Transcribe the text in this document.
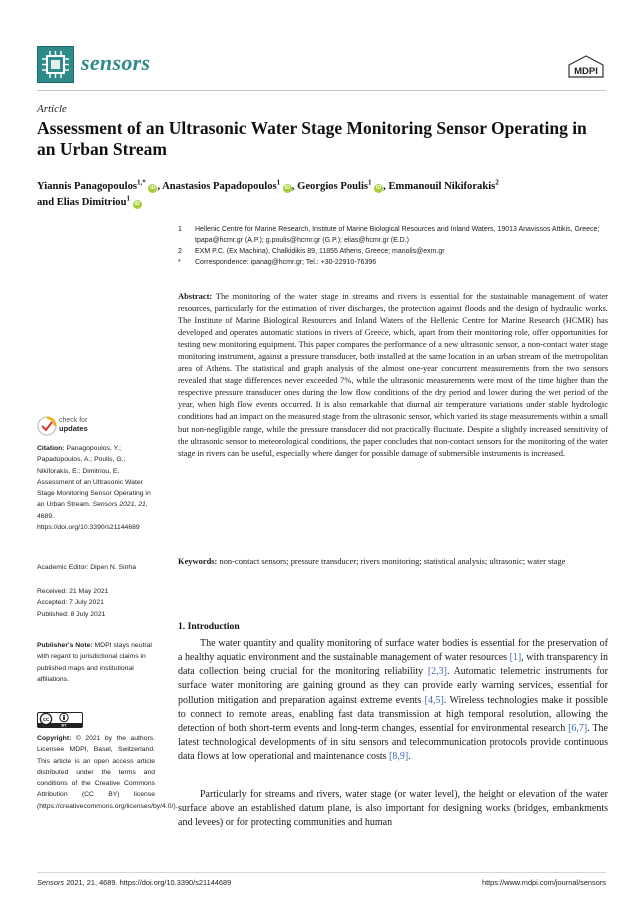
sensors	MDPI
Article
Assessment of an Ultrasonic Water Stage Monitoring Sensor Operating in an Urban Stream
Yiannis Panagopoulos$^{1,*}$ iD , Anastasios Papadopoulos$^1$ iD , Georgios Poulis$^1$ iD , Emmanouil Nikiforakis$^2$
and Elias Dimitriou$^1$ iD
1	Hellenic Centre for Marine Research, Institute of Marine Biological Resources and Inland Waters, 19013 Anavissos Attikis, Greece; tpapa@hcmr.gr (A.P.); g.poulis@hcmr.gr (G.P.); elias@hcmr.gr (E.D.)
2	EXM P.C. (Ex Machina), Chalkidikis 89, 11855 Athens, Greece; manolis@exm.gr
*	Correspondence: ipanag@hcmr.gr; Tel.: +30-22910-76396
Abstract: The monitoring of the water stage in streams and rivers is essential for the sustainable management of water resources, particularly for the estimation of river discharges, the protection against floods and the design of hydraulic works. The Institute of Marine Biological Resources and Inland Waters of the Hellenic Centre for Marine Research (HCMR) has developed and operates automatic stations in rivers of Greece, which, apart from their monitoring role, offer opportunities for testing new monitoring equipment. This paper compares the performance of a new ultrasonic sensor, a non-contact water stage monitoring instrument, against a pressure transducer, both installed at the same location in an urban stream of the metropolitan area of Athens. The statistical and graph analysis of the almost one-year concurrent measurements from the two sensors revealed that stage differences never exceeded 7%, while the ultrasonic measurements were most of the time higher than the respective pressure transducer ones during the low flow conditions of the dry period and lower during the wet period of the year, when high flow events occurred. It is also remarkable that diurnal air temperature variations under stable hydrologic conditions had an impact on the measured stage from the ultrasonic sensor, which varied its stage measurements within a small but non-negligible range, while the pressure transducer did not practically fluctuate. Despite a slightly increased sensitivity of the ultrasonic sensor to meteorological conditions, the paper concludes that non-contact sensors for the monitoring of the water stage in rivers can be useful, especially where danger for possible damage of submersible instruments is increased.
Keywords: non-contact sensors; pressure transducer; rivers monitoring; statistical analysis; ultrasonic; water stage
1. Introduction
The water quantity and quality monitoring of surface water bodies is essential for the preservation of a healthy aquatic environment and the sustainable management of water resources [1], with transparency in data collection being crucial for the monitoring reliability [2,3]. Automatic telemetric instruments for surface water monitoring are gaining ground as they can provide early warning services, essential for pollution mitigation and preparation against extreme events [4,5]. Wireless technologies make it possible to connect to remote areas, enabling fast data transmission at high temporal resolution, allowing the detection of both short-term events and long-term changes, essential for environmental research [6,7]. The latest technological developments of in situ sensors and telecommunication protocols provide continuous data flows at low operational and maintenance costs [8,9].
Particularly for streams and rivers, water stage (or water level), the height or elevation of the water surface above an established datum plane, is also important for designing works (bridges, embankments and levees) or for protecting communities and human
check for
updates
Citation: Panagopoulos, Y.; Papadopoulos, A.; Poulis, G.; Nikiforakis, E.; Dimitriou, E. Assessment of an Ultrasonic Water Stage Monitoring Sensor Operating in an Urban Stream. Sensors 2021, 21, 4689. https://doi.org/10.3390/s21144689
Academic Editor: Dipen N. Sinha
Received: 21 May 2021
Accepted: 7 July 2021
Published: 8 July 2021
Publisher's Note: MDPI stays neutral with regard to jurisdictional claims in published maps and institutional affiliations.
cc
BY
Copyright: © 2021 by the authors. Licensee MDPI, Basel, Switzerland. This article is an open access article distributed under the terms and conditions of the Creative Commons Attribution (CC BY) license (https://creativecommons.org/licenses/by/4.0/).
Sensors 2021, 21, 4689. https://doi.org/10.3390/s21144689	https://www.mdpi.com/journal/sensors
